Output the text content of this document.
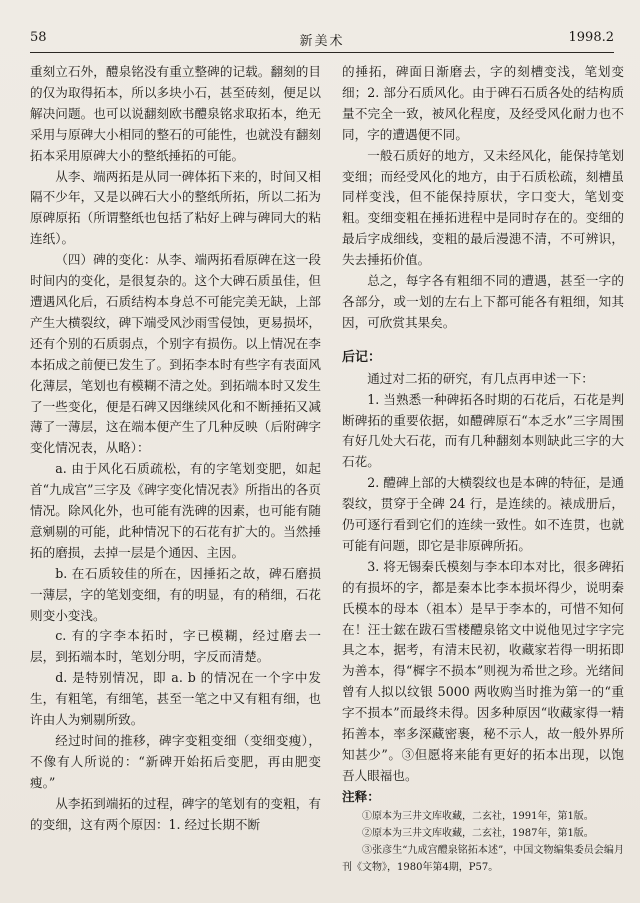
58	新美术	1998.2

重刻立石外，醴泉铭没有重立整碑的记载。翻刻的目的仅为取得拓本，所以多块小石，甚至砖刻，便足以解决问题。也可以说翻刻欧书醴泉铭求取拓本，绝无采用与原碑大小相同的整石的可能性，也就没有翻刻拓本采用原碑大小的整纸捶拓的可能。

从李、端两拓是从同一碑体拓下来的，时间又相隔不少年，又是以碑石大小的整纸所拓，所以二拓为原碑原拓（所谓整纸也包括了粘好上碑与碑同大的粘连纸）。

（四）碑的变化：从李、端两拓看原碑在这一段时间内的变化，是很复杂的。这个大碑石质虽佳，但遭遇风化后，石质结构本身总不可能完美无缺，上部产生大横裂纹，碑下端受风沙雨雪侵蚀，更易损坏，还有个别的石质弱点，个别字有损伤。以上情况在李本拓成之前便已发生了。到拓李本时有些字有表面风化薄层，笔划也有模糊不清之处。到拓端本时又发生了一些变化，便是石碑又因继续风化和不断捶拓又减薄了一薄层，这在端本便产生了几种反映（后附碑字变化情况表，从略）：

a. 由于风化石质疏松，有的字笔划变肥，如起首“九成宫”三字及《碑字变化情况表》所指出的各页情况。除风化外，也可能有洗碑的因素，也可能有随意剜剔的可能，此种情况下的石花有扩大的。当然捶拓的磨损，去掉一层是个通因、主因。

b. 在石质较佳的所在，因捶拓之故，碑石磨损一薄层，字的笔划变细，有的明显，有的稍细，石花则变小变浅。

c. 有的字李本拓时，字已模糊，经过磨去一层，到拓端本时，笔划分明，字反而清楚。

d. 是特别情况，即 a. b 的情况在一个字中发生，有粗笔，有细笔，甚至一笔之中又有粗有细，也许由人为剜剔所致。

经过时间的推移，碑字变粗变细（变细变瘦），不像有人所说的：“新碑开始拓后变肥，再由肥变瘦。”

从李拓到端拓的过程，碑字的笔划有的变粗，有的变细，这有两个原因：1. 经过长期不断

的捶拓，碑面日渐磨去，字的刻槽变浅，笔划变细；2. 部分石质风化。由于碑石石质各处的结构质量不完全一致，被风化程度，及经受风化耐力也不同，字的遭遇便不同。

一般石质好的地方，又未经风化，能保持笔划变细；而经受风化的地方，由于石质松疏，刻槽虽同样变浅，但不能保持原状，字口变大，笔划变粗。变细变粗在捶拓进程中是同时存在的。变细的最后字成细线，变粗的最后漫漶不清，不可辨识，失去捶拓价值。

总之，每字各有粗细不同的遭遇，甚至一字的各部分，或一划的左右上下都可能各有粗细，知其因，可欣赏其果矣。

后记：

通过对二拓的研究，有几点再申述一下：

1. 当熟悉一种碑拓各时期的石花后，石花是判断碑拓的重要依据，如醴碑原石“本乏水”三字周围有好几处大石花，而有几种翻刻本则缺此三字的大石花。

2. 醴碑上部的大横裂纹也是本碑的特征，是通裂纹，贯穿于全碑 24 行，是连续的。裱成册后，仍可逐行看到它们的连续一致性。如不连贯，也就可能有问题，即它是非原碑所拓。

3. 将无锡秦氏模刻与李本印本对比，很多碑拓的有损坏的字，都是秦本比李本损坏得少，说明秦氏模本的母本（祖本）是早于李本的，可惜不知何在！汪士鋐在跋石雪楼醴泉铭文中说他见过字字完具之本，据考，有清末民初，收藏家若得一明拓即为善本，得“樨字不损本”则视为希世之珍。光绪间曾有人拟以纹银 5000 两收购当时推为第一的“重字不损本”而最终未得。因多种原因“收藏家得一精拓善本，率多深藏密裹，秘不示人，故一般外界所知甚少”。③但愿将来能有更好的拓本出现，以饱吾人眼福也。

注释：

①原本为三井文库收藏，二玄社，1991年，第1版。

②原本为三井文库收藏，二玄社，1987年，第1版。

③张彦生“九成宫醴泉铭拓本述”，中国文物编集委员会编月刊《文物》，1980年第4期，P57。
